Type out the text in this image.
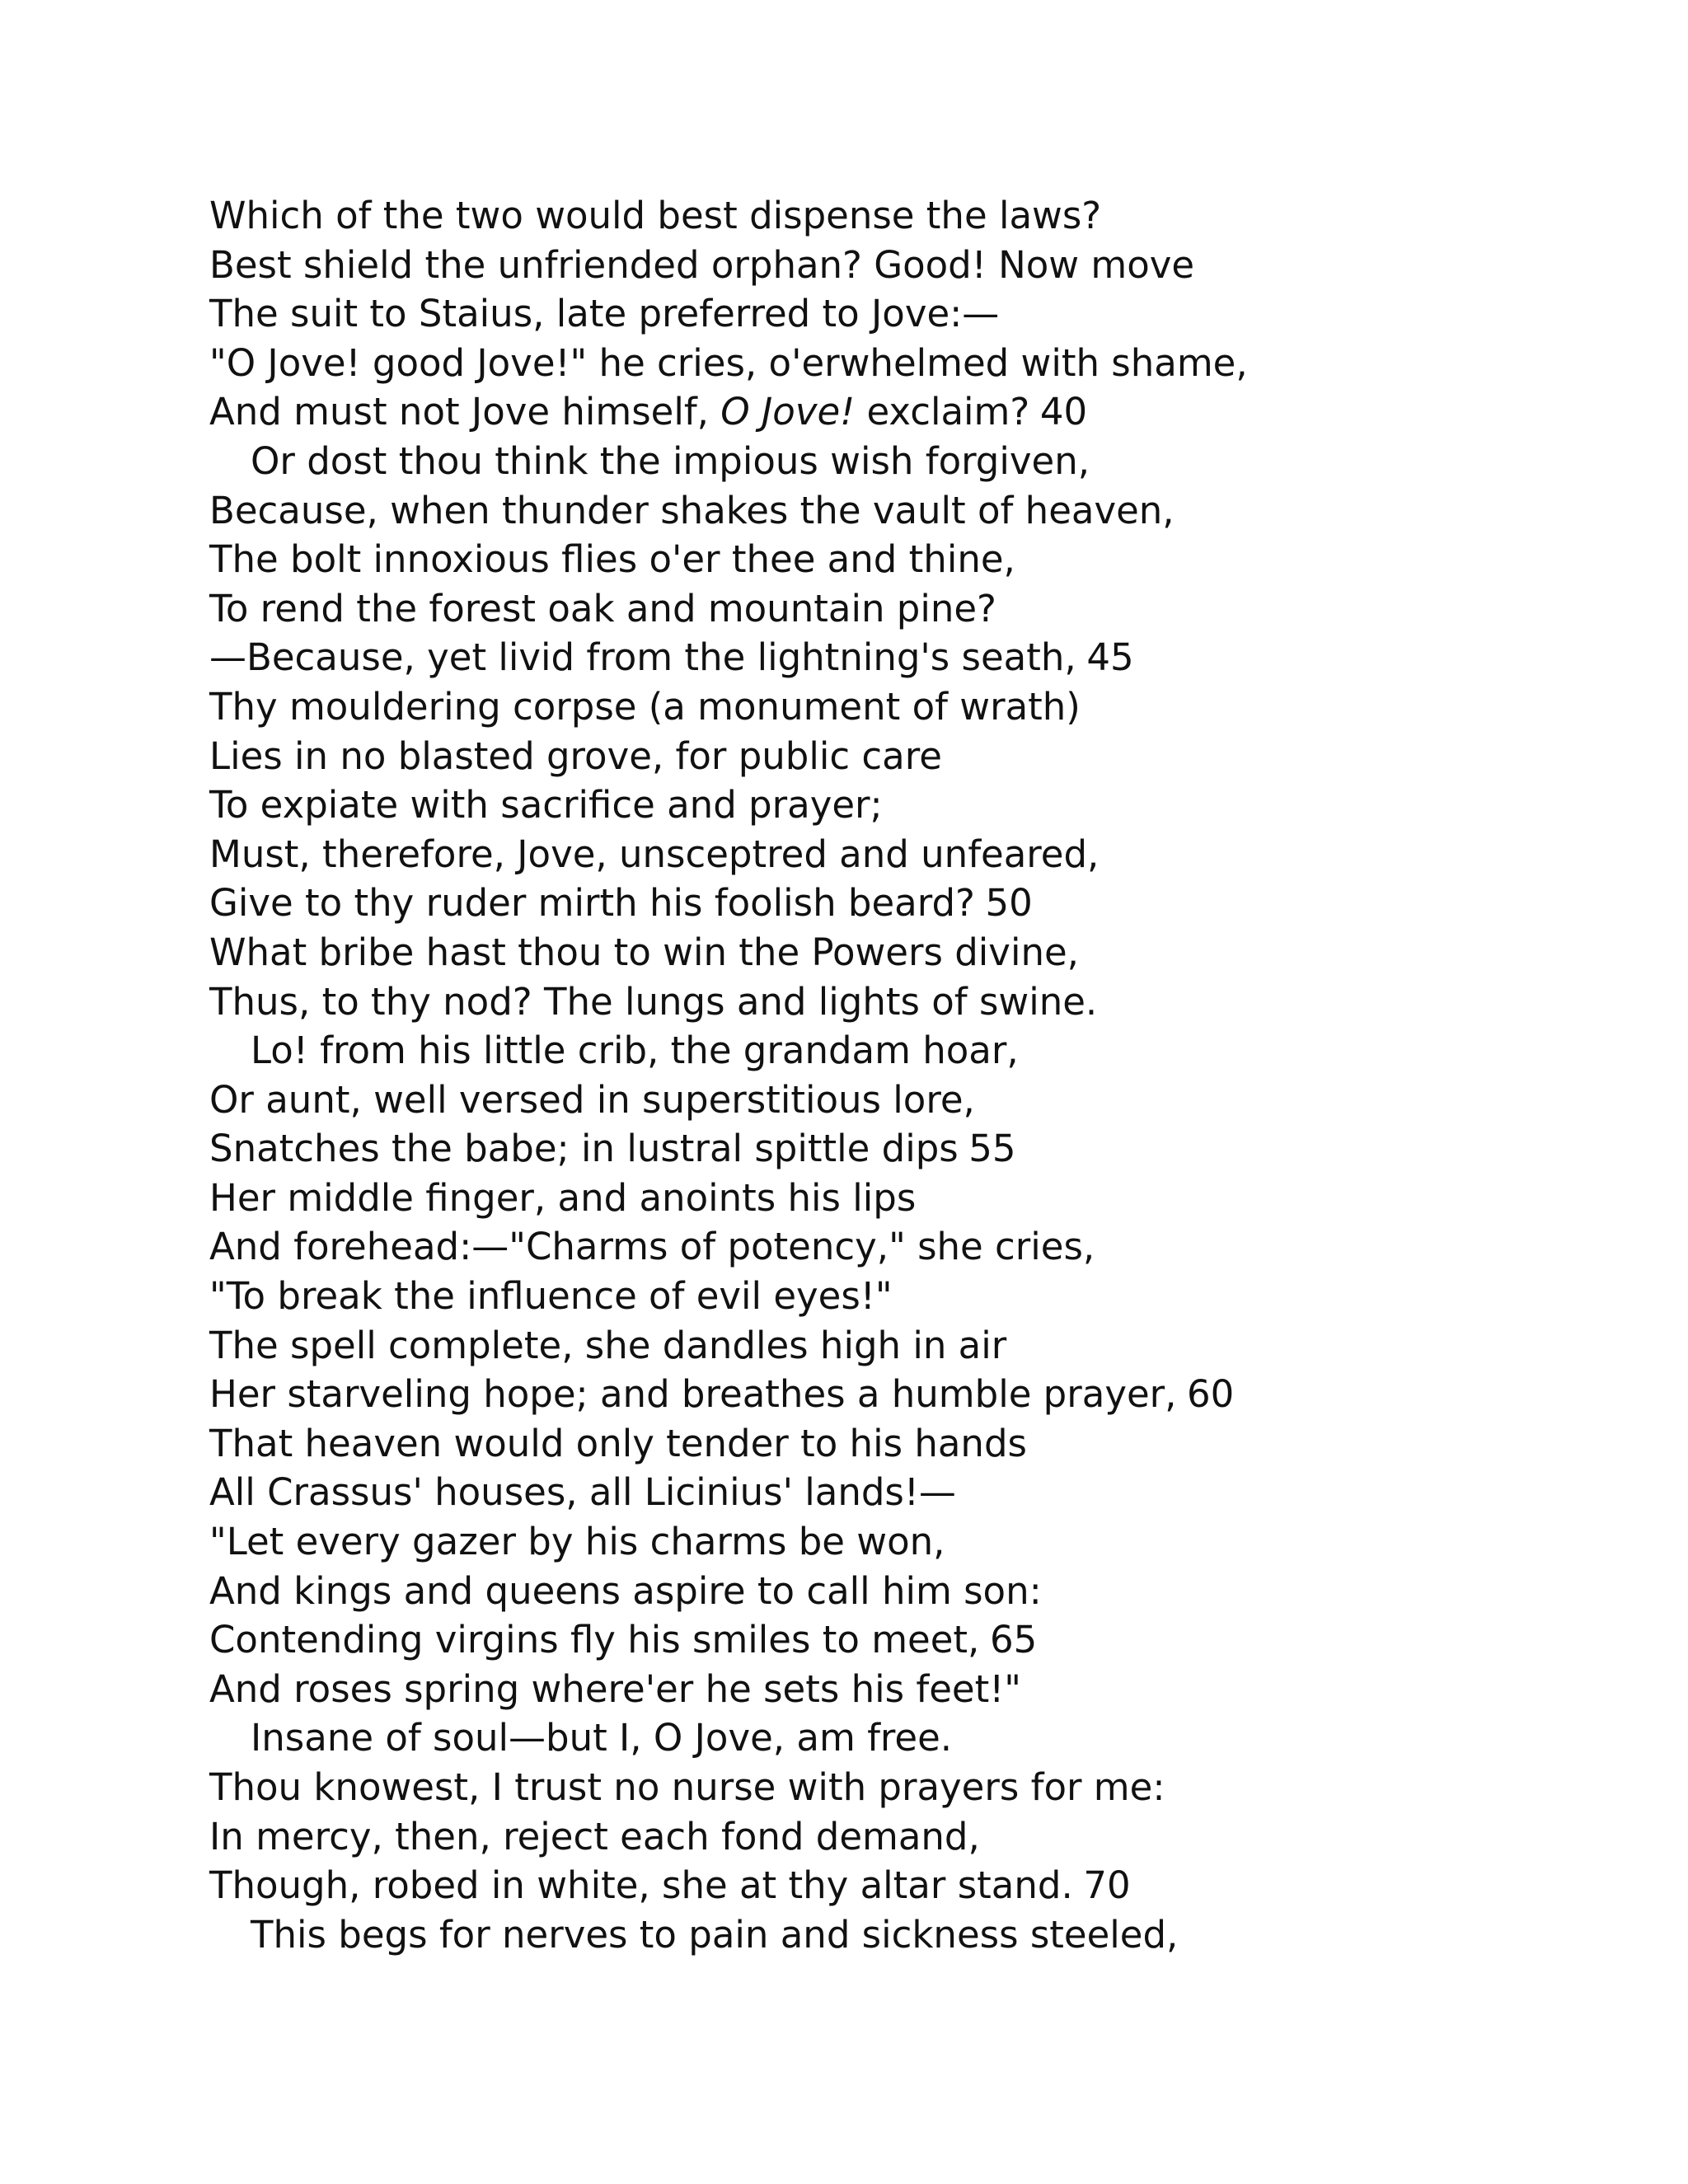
Which of the two would best dispense the laws?
Best shield the unfriended orphan? Good! Now move
The suit to Staius, late preferred to Jove:—
"O Jove! good Jove!" he cries, o'erwhelmed with shame,
And must not Jove himself, O Jove! exclaim? 40
Or dost thou think the impious wish forgiven,
Because, when thunder shakes the vault of heaven,
The bolt innoxious flies o'er thee and thine,
To rend the forest oak and mountain pine?
—Because, yet livid from the lightning's seath, 45
Thy mouldering corpse (a monument of wrath)
Lies in no blasted grove, for public care
To expiate with sacrifice and prayer;
Must, therefore, Jove, unsceptred and unfeared,
Give to thy ruder mirth his foolish beard? 50
What bribe hast thou to win the Powers divine,
Thus, to thy nod? The lungs and lights of swine.
Lo! from his little crib, the grandam hoar,
Or aunt, well versed in superstitious lore,
Snatches the babe; in lustral spittle dips 55
Her middle finger, and anoints his lips
And forehead:—"Charms of potency," she cries,
"To break the influence of evil eyes!"
The spell complete, she dandles high in air
Her starveling hope; and breathes a humble prayer, 60
That heaven would only tender to his hands
All Crassus' houses, all Licinius' lands!—
"Let every gazer by his charms be won,
And kings and queens aspire to call him son:
Contending virgins fly his smiles to meet, 65
And roses spring where'er he sets his feet!"
Insane of soul—but I, O Jove, am free.
Thou knowest, I trust no nurse with prayers for me:
In mercy, then, reject each fond demand,
Though, robed in white, she at thy altar stand. 70
This begs for nerves to pain and sickness steeled,
